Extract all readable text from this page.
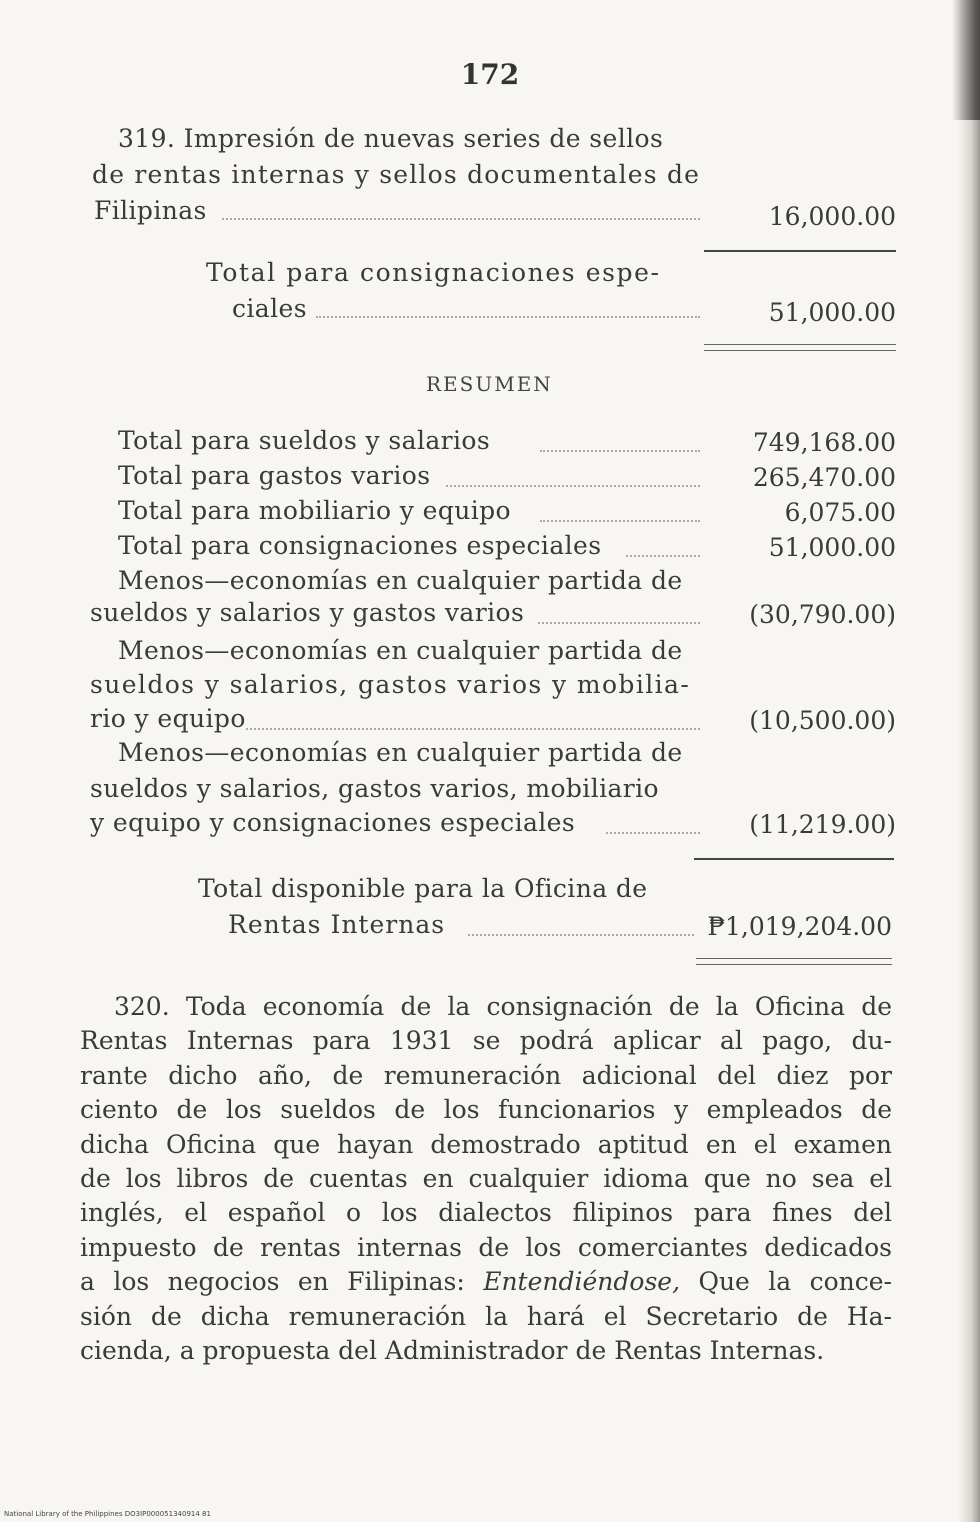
172
319. Impresión de nuevas series de sellos
de rentas internas y sellos documentales de
Filipinas	16,000.00
Total para consignaciones espe-
ciales	51,000.00
RESUMEN
Total para sueldos y salarios	749,168.00
Total para gastos varios	265,470.00
Total para mobiliario y equipo	6,075.00
Total para consignaciones especiales	51,000.00
Menos—economías en cualquier partida de
sueldos y salarios y gastos varios	(30,790.00)
Menos—economías en cualquier partida de
sueldos y salarios, gastos varios y mobilia-
rio y equipo	(10,500.00)
Menos—economías en cualquier partida de
sueldos y salarios, gastos varios, mobiliario
y equipo y consignaciones especiales	(11,219.00)
Total disponible para la Oficina de
Rentas Internas	₱1,019,204.00
320. Toda economía de la consignación de la Oficina de
Rentas Internas para 1931 se podrá aplicar al pago, du-
rante dicho año, de remuneración adicional del diez por
ciento de los sueldos de los funcionarios y empleados de
dicha Oficina que hayan demostrado aptitud en el examen
de los libros de cuentas en cualquier idioma que no sea el
inglés, el español o los dialectos filipinos para fines del
impuesto de rentas internas de los comerciantes dedicados
a los negocios en Filipinas: Entendiéndose, Que la conce-
sión de dicha remuneración la hará el Secretario de Ha-
cienda, a propuesta del Administrador de Rentas Internas.
National Library of the Philippines DO3IP000051340914 81
